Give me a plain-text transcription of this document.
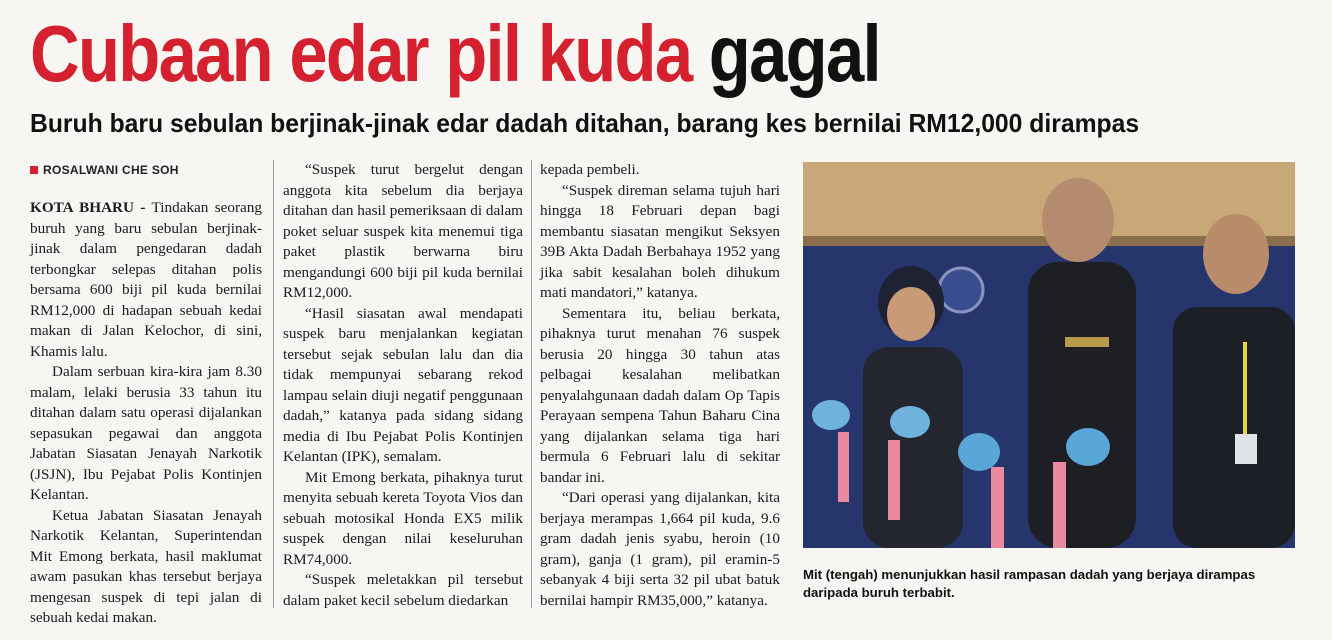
Cubaan edar pil kuda gagal
Buruh baru sebulan berjinak-jinak edar dadah ditahan, barang kes bernilai RM12,000 dirampas
ROSALWANI CHE SOH

KOTA BHARU - Tindakan seorang buruh yang baru sebulan berjinak-jinak dalam pengedaran dadah terbongkar selepas ditahan polis bersama 600 biji pil kuda bernilai RM12,000 di hadapan sebuah kedai makan di Jalan Kelochor, di sini, Khamis lalu.

Dalam serbuan kira-kira jam 8.30 malam, lelaki berusia 33 tahun itu ditahan dalam satu operasi dijalankan sepasukan pegawai dan anggota Jabatan Siasatan Jenayah Narkotik (JSJN), Ibu Pejabat Polis Kontinjen Kelantan.

Ketua Jabatan Siasatan Jenayah Narkotik Kelantan, Superintendan Mit Emong berkata, hasil maklumat awam pasukan khas tersebut berjaya mengesan suspek di tepi jalan di sebuah kedai makan.

“Suspek turut bergelut dengan anggota kita sebelum dia berjaya ditahan dan hasil pemeriksaan di dalam poket seluar suspek kita menemui tiga paket plastik berwarna biru mengandungi 600 biji pil kuda bernilai RM12,000.

“Hasil siasatan awal mendapati suspek baru menjalankan kegiatan tersebut sejak sebulan lalu dan dia tidak mempunyai sebarang rekod lampau selain diuji negatif penggunaan dadah,” katanya pada sidang sidang media di Ibu Pejabat Polis Kontinjen Kelantan (IPK), semalam.

Mit Emong berkata, pihaknya turut menyita sebuah kereta Toyota Vios dan sebuah motosikal Honda EX5 milik suspek dengan nilai keseluruhan RM74,000.

“Suspek meletakkan pil tersebut dalam paket kecil sebelum diedarkan

kepada pembeli.

“Suspek direman selama tujuh hari hingga 18 Februari depan bagi membantu siasatan mengikut Seksyen 39B Akta Dadah Berbahaya 1952 yang jika sabit kesalahan boleh dihukum mati mandatori,” katanya.

Sementara itu, beliau berkata, pihaknya turut menahan 76 suspek berusia 20 hingga 30 tahun atas pelbagai kesalahan melibatkan penyalahgunaan dadah dalam Op Tapis Perayaan sempena Tahun Baharu Cina yang dijalankan selama tiga hari bermula 6 Februari lalu di sekitar bandar ini.

“Dari operasi yang dijalankan, kita berjaya merampas 1,664 pil kuda, 9.6 gram dadah jenis syabu, heroin (10 gram), ganja (1 gram), pil eramin-5 sebanyak 4 biji serta 32 pil ubat batuk bernilai hampir RM35,000,” katanya.

Mit (tengah) menunjukkan hasil rampasan dadah yang berjaya dirampas daripada buruh terbabit.
